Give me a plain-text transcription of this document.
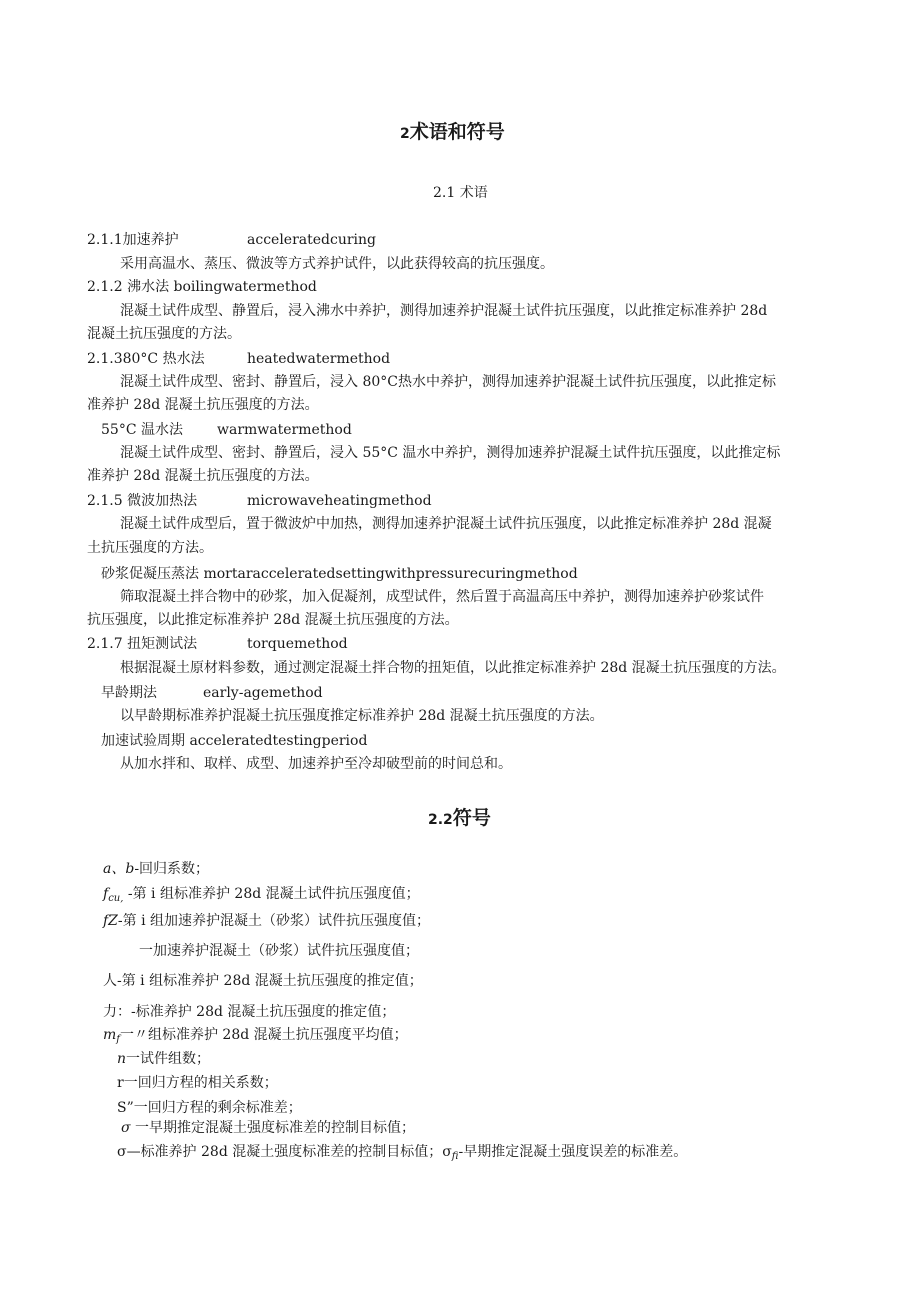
2术语和符号
2.1 术语
2.1.1加速养护	acceleratedcuring
采用高温水、蒸压、微波等方式养护试件，以此获得较高的抗压强度。
2.1.2 沸水法 boilingwatermethod
混凝土试件成型、静置后，浸入沸水中养护，测得加速养护混凝土试件抗压强度，以此推定标准养护 28d
混凝土抗压强度的方法。
2.1.380°C 热水法	heatedwatermethod
混凝土试件成型、密封、静置后，浸入 80°C热水中养护，测得加速养护混凝土试件抗压强度，以此推定标
准养护 28d 混凝土抗压强度的方法。
55°C 温水法 warmwatermethod
混凝土试件成型、密封、静置后，浸入 55°C 温水中养护，测得加速养护混凝土试件抗压强度，以此推定标
准养护 28d 混凝土抗压强度的方法。
2.1.5 微波加热法	microwaveheatingmethod
混凝土试件成型后，置于微波炉中加热，测得加速养护混凝土试件抗压强度，以此推定标准养护 28d 混凝
土抗压强度的方法。
砂浆促凝压蒸法 mortaracceleratedsettingwithpressurecuringmethod
筛取混凝土拌合物中的砂浆，加入促凝剂，成型试件，然后置于高温高压中养护，测得加速养护砂浆试件
抗压强度，以此推定标准养护 28d 混凝土抗压强度的方法。
2.1.7 扭矩测试法	torquemethod
根据混凝土原材料参数，通过测定混凝土拌合物的扭矩值，以此推定标准养护 28d 混凝土抗压强度的方法。
早龄期法	early-agemethod
以早龄期标准养护混凝土抗压强度推定标准养护 28d 混凝土抗压强度的方法。
加速试验周期 acceleratedtestingperiod
从加水拌和、取样、成型、加速养护至冷却破型前的时间总和。
2.2符号
a、b-回归系数；
$f_{cu,}$ -第 i 组标准养护 28d 混凝土试件抗压强度值；
fZ-第 i 组加速养护混凝土（砂浆）试件抗压强度值；
一加速养护混凝土（砂浆）试件抗压强度值；
人-第 i 组标准养护 28d 混凝土抗压强度的推定值；
力：-标准养护 28d 混凝土抗压强度的推定值；
$m_f$一〃组标准养护 28d 混凝土抗压强度平均值；
n一试件组数；
r一回归方程的相关系数；
S”一回归方程的剩余标准差；
σ 一早期推定混凝土强度标准差的控制目标值；
σ—标准养护 28d 混凝土强度标准差的控制目标值；$\sigma_{fi}-$早期推定混凝土强度误差的标准差。
